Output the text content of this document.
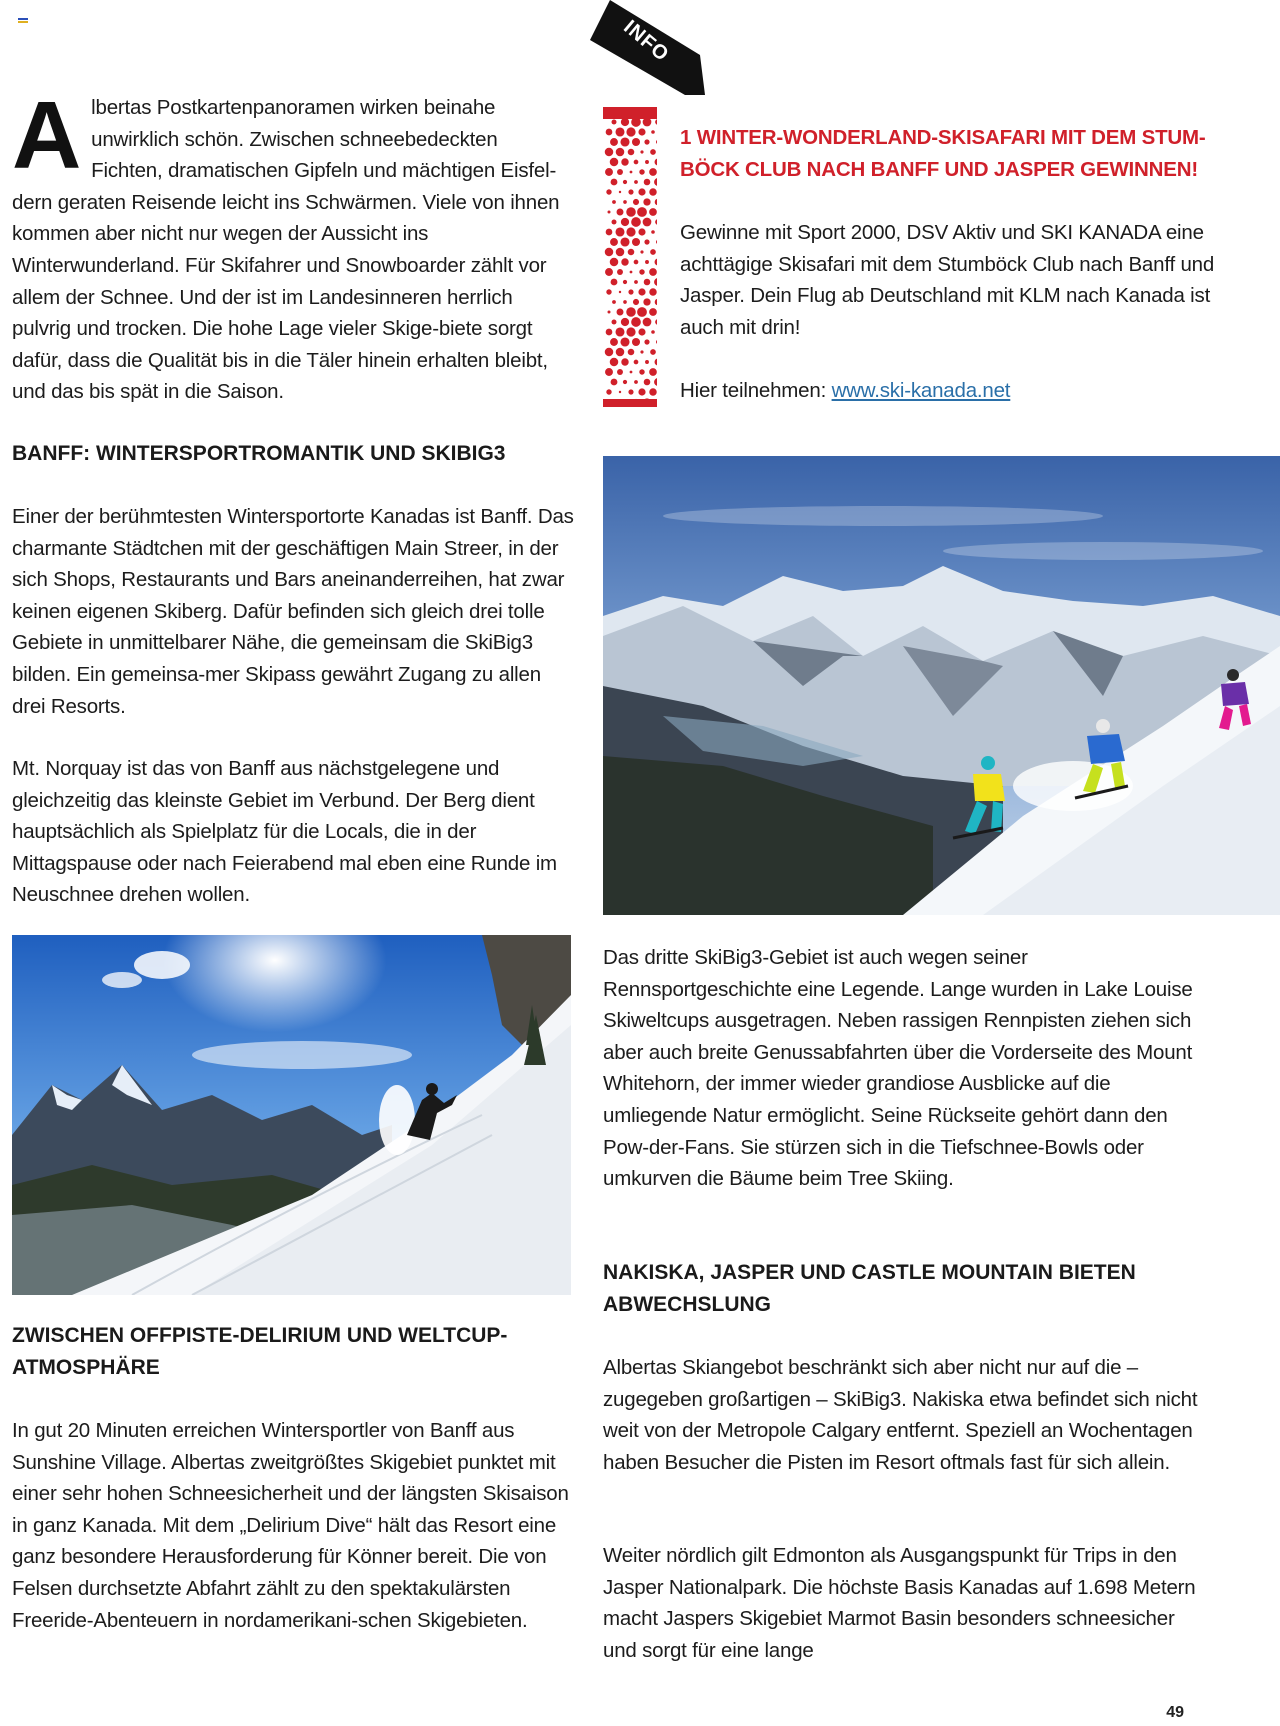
A lbertas Postkartenpanoramen wirken beinahe unwirklich schön. Zwischen schneebedeckten Fichten, dramatischen Gipfeln und mächtigen Eisfel-dern geraten Reisende leicht ins Schwärmen. Viele von ihnen kommen aber nicht nur wegen der Aussicht ins Winterwunderland. Für Skifahrer und Snowboarder zählt vor allem der Schnee. Und der ist im Landesinneren herrlich pulvrig und trocken. Die hohe Lage vieler Skige-biete sorgt dafür, dass die Qualität bis in die Täler hinein erhalten bleibt, und das bis spät in die Saison.

BANFF: WINTERSPORTROMANTIK UND SKIBIG3
Einer der berühmtesten Wintersportorte Kanadas ist Banff. Das charmante Städtchen mit der geschäftigen Main Streer, in der sich Shops, Restaurants und Bars aneinanderreihen, hat zwar keinen eigenen Skiberg. Dafür befinden sich gleich drei tolle Gebiete in unmittelbarer Nähe, die gemeinsam die SkiBig3 bilden. Ein gemeinsa-mer Skipass gewährt Zugang zu allen drei Resorts.
Mt. Norquay ist das von Banff aus nächstgelegene und gleichzeitig das kleinste Gebiet im Verbund. Der Berg dient hauptsächlich als Spielplatz für die Locals, die in der Mittagspause oder nach Feierabend mal eben eine Runde im Neuschnee drehen wollen.
ZWISCHEN OFFPISTE-DELIRIUM UND WELTCUP-ATMOSPHÄRE
In gut 20 Minuten erreichen Wintersportler von Banff aus Sunshine Village. Albertas zweitgrößtes Skigebiet punktet mit einer sehr hohen Schneesicherheit und der längsten Skisaison in ganz Kanada. Mit dem „Delirium Dive“ hält das Resort eine ganz besondere Herausforderung für Könner bereit. Die von Felsen durchsetzte Abfahrt zählt zu den spektakulärsten Freeride-Abenteuern in nordamerikani-schen Skigebieten.
INFO
1 WINTER-WONDERLAND-SKISAFARI MIT DEM STUM-BÖCK CLUB NACH BANFF UND JASPER GEWINNEN!
Gewinne mit Sport 2000, DSV Aktiv und SKI KANADA eine achttägige Skisafari mit dem Stumböck Club nach Banff und Jasper. Dein Flug ab Deutschland mit KLM nach Kanada ist auch mit drin!
Hier teilnehmen: www.ski-kanada.net
Das dritte SkiBig3-Gebiet ist auch wegen seiner Rennsportgeschichte eine Legende. Lange wurden in Lake Louise Skiweltcups ausgetragen. Neben rassigen Rennpisten ziehen sich aber auch breite Genussabfahrten über die Vorderseite des Mount Whitehorn, der immer wieder grandiose Ausblicke auf die umliegende Natur ermöglicht. Seine Rückseite gehört dann den Pow-der-Fans. Sie stürzen sich in die Tiefschnee-Bowls oder umkurven die Bäume beim Tree Skiing.
NAKISKA, JASPER UND CASTLE MOUNTAIN BIETEN ABWECHSLUNG
Albertas Skiangebot beschränkt sich aber nicht nur auf die – zugegeben großartigen – SkiBig3. Nakiska etwa befindet sich nicht weit von der Metropole Calgary entfernt. Speziell an Wochentagen haben Besucher die Pisten im Resort oftmals fast für sich allein.
Weiter nördlich gilt Edmonton als Ausgangspunkt für Trips in den Jasper Nationalpark. Die höchste Basis Kanadas auf 1.698 Metern macht Jaspers Skigebiet Marmot Basin besonders schneesicher und sorgt für eine lange
49
